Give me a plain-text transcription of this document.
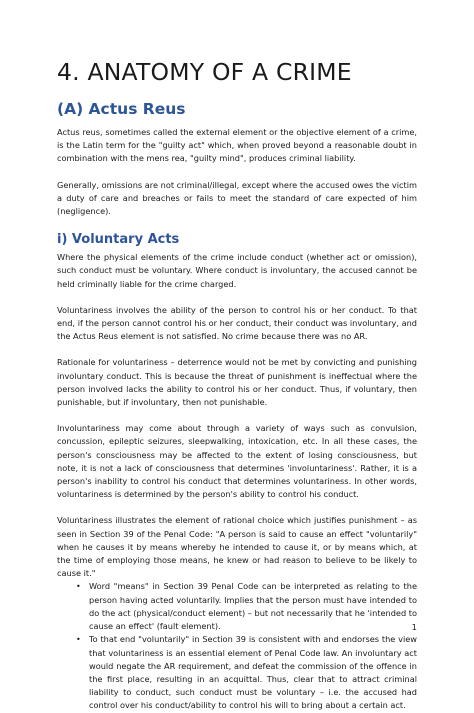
4. ANATOMY OF A CRIME
(A) Actus Reus

Actus reus, sometimes called the external element or the objective element of a crime, is the Latin term for the "guilty act" which, when proved beyond a reasonable doubt in combination with the mens rea, "guilty mind", produces criminal liability.

Generally, omissions are not criminal/illegal, except where the accused owes the victim a duty of care and breaches or fails to meet the standard of care expected of him (negligence).

i) Voluntary Acts

Where the physical elements of the crime include conduct (whether act or omission), such conduct must be voluntary. Where conduct is involuntary, the accused cannot be held criminally liable for the crime charged.

Voluntariness involves the ability of the person to control his or her conduct. To that end, if the person cannot control his or her conduct, their conduct was involuntary, and the Actus Reus element is not satisfied. No crime because there was no AR.

Rationale for voluntariness – deterrence would not be met by convicting and punishing involuntary conduct. This is because the threat of punishment is ineffectual where the person involved lacks the ability to control his or her conduct. Thus, if voluntary, then punishable, but if involuntary, then not punishable.

Involuntariness may come about through a variety of ways such as convulsion, concussion, epileptic seizures, sleepwalking, intoxication, etc. In all these cases, the person's consciousness may be affected to the extent of losing consciousness, but note, it is not a lack of consciousness that determines 'involuntariness'. Rather, it is a person's inability to control his conduct that determines voluntariness. In other words, voluntariness is determined by the person's ability to control his conduct.

Voluntariness illustrates the element of rational choice which justifies punishment – as seen in Section 39 of the Penal Code: "A person is said to cause an effect "voluntarily" when he causes it by means whereby he intended to cause it, or by means which, at the time of employing those means, he knew or had reason to believe to be likely to cause it."

• Word "means" in Section 39 Penal Code can be interpreted as relating to the person having acted voluntarily. Implies that the person must have intended to do the act (physical/conduct element) – but not necessarily that he 'intended to cause an effect' (fault element).
• To that end "voluntarily" in Section 39 is consistent with and endorses the view that voluntariness is an essential element of Penal Code law. An involuntary act would negate the AR requirement, and defeat the commission of the offence in the first place, resulting in an acquittal. Thus, clear that to attract criminal liability to conduct, such conduct must be voluntary – i.e. the accused had control over his conduct/ability to control his will to bring about a certain act.
1
